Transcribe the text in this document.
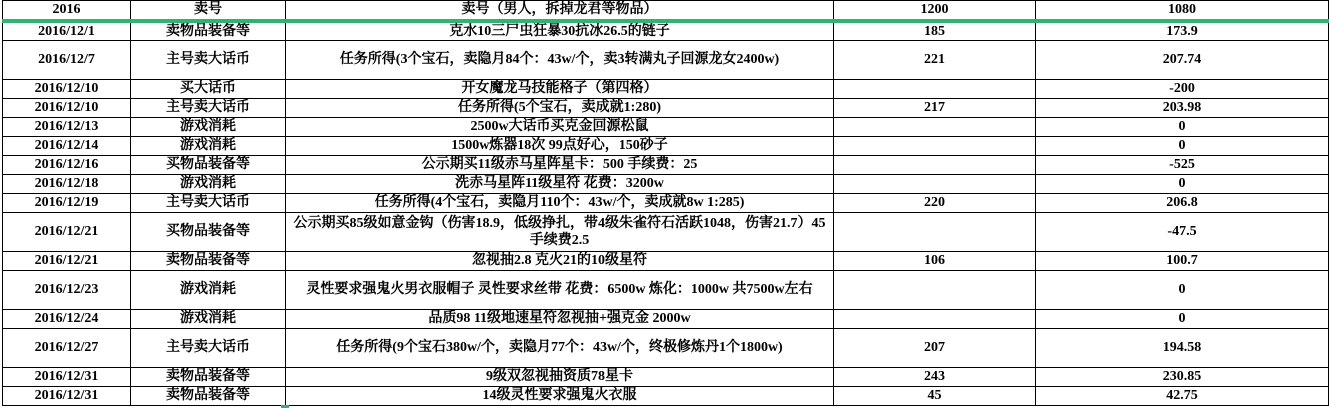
2016	卖号	卖号（男人，拆掉龙君等物品）	1200	1080
2016/12/1	卖物品装备等	克水10三尸虫狂暴30抗冰26.5的链子	185	173.9
2016/12/7	主号卖大话币	任务所得(3个宝石，卖隐月84个：43w/个，卖3转满丸子回源龙女2400w)	221	207.74
2016/12/10	买大话币	开女魔龙马技能格子（第四格）		-200
2016/12/10	主号卖大话币	任务所得(5个宝石，卖成就1:280)	217	203.98
2016/12/13	游戏消耗	2500w大话币买克金回源松鼠		0
2016/12/14	游戏消耗	1500w炼器18次 99点好心，150砂子		0
2016/12/16	买物品装备等	公示期买11级赤马星阵星卡：500 手续费：25		-525
2016/12/18	游戏消耗	洗赤马星阵11级星符 花费：3200w		0
2016/12/19	主号卖大话币	任务所得(4个宝石，卖隐月110个：43w/个，卖成就8w 1:285)	220	206.8
2016/12/21	买物品装备等	公示期买85级如意金钩（伤害18.9，低级挣扎，带4级朱雀符石活跃1048，伤害21.7）45 手续费2.5		-47.5
2016/12/21	卖物品装备等	忽视抽2.8 克火21的10级星符	106	100.7
2016/12/23	游戏消耗	灵性要求强鬼火男衣服帽子 灵性要求丝带 花费：6500w 炼化：1000w 共7500w左右		0
2016/12/24	游戏消耗	品质98 11级地速星符忽视抽+强克金 2000w		0
2016/12/27	主号卖大话币	任务所得(9个宝石380w/个，卖隐月77个：43w/个，终极修炼丹1个1800w)	207	194.58
2016/12/31	卖物品装备等	9级双忽视抽资质78星卡	243	230.85
2016/12/31	卖物品装备等	14级灵性要求强鬼火衣服	45	42.75
